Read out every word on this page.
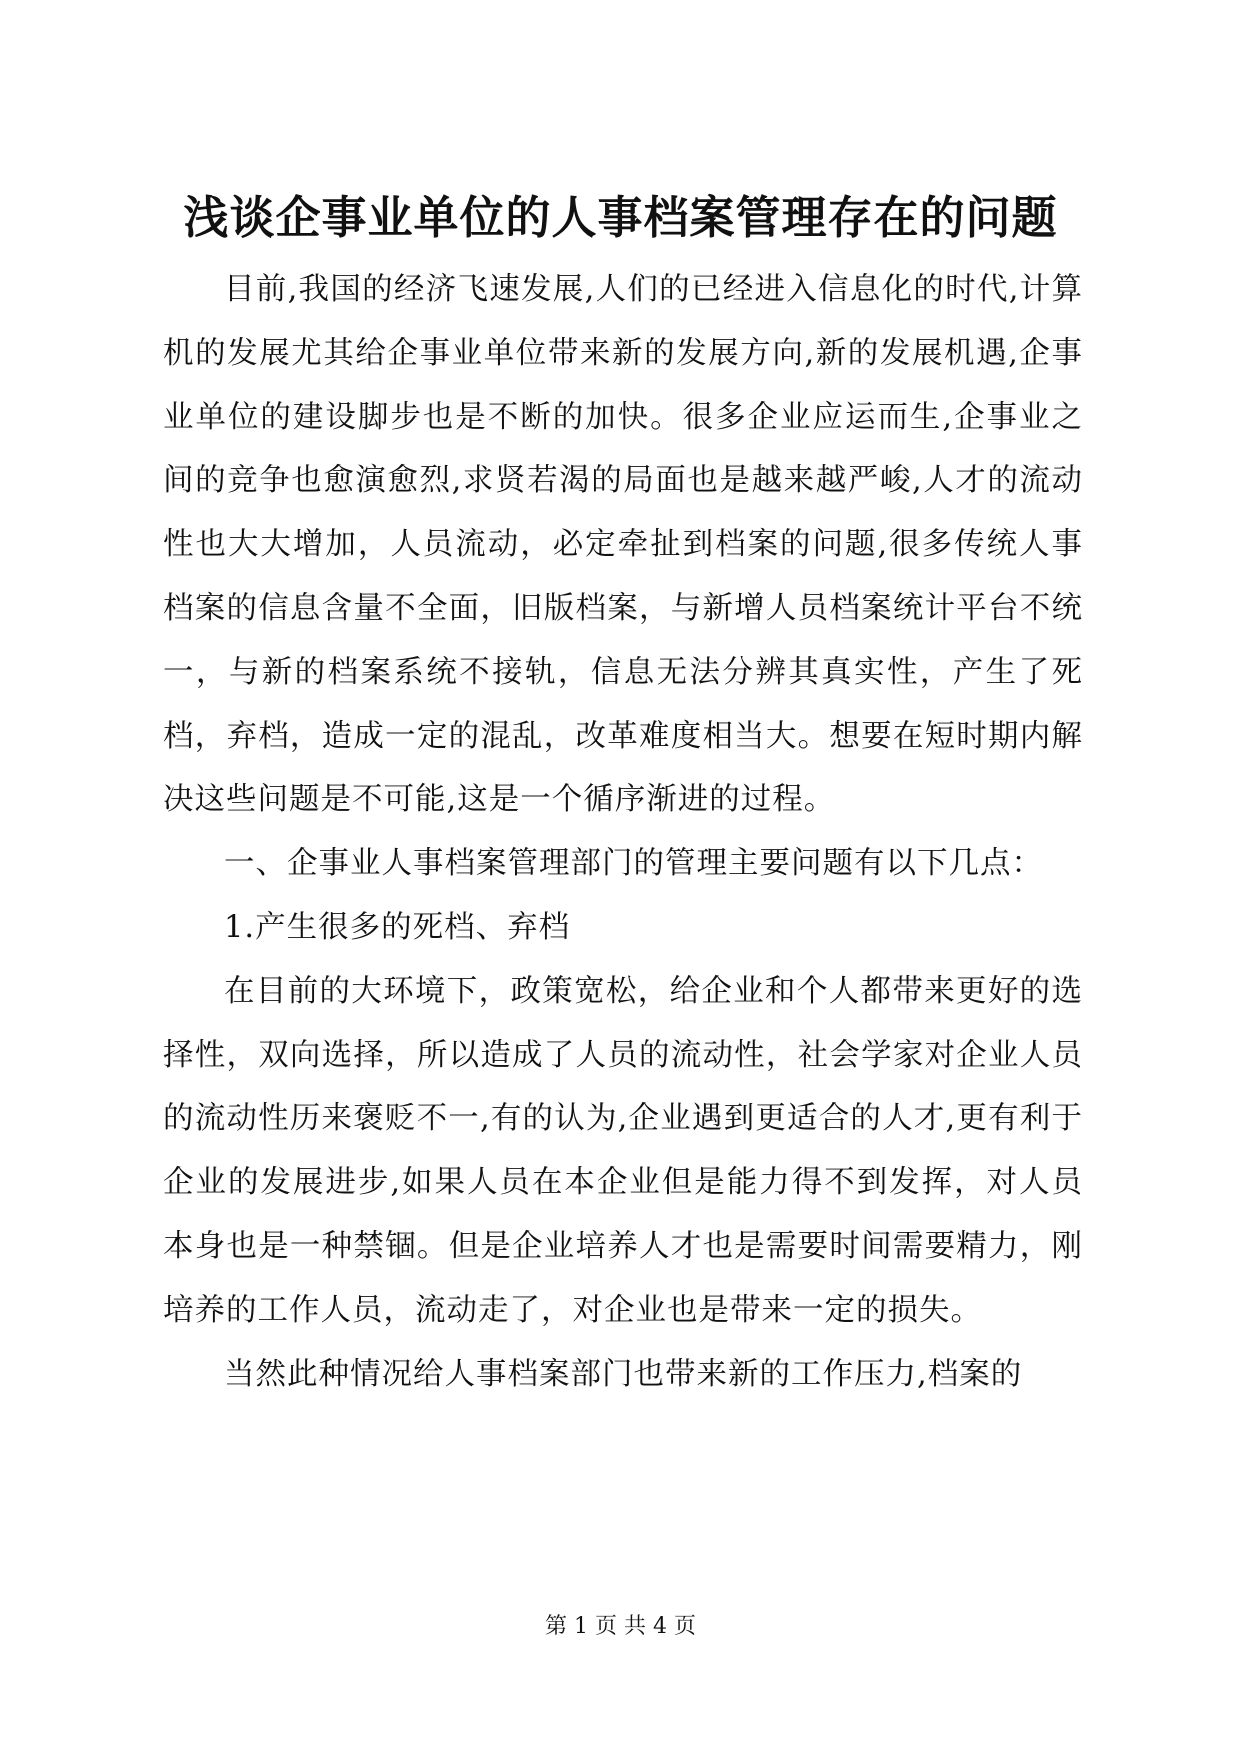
浅谈企事业单位的人事档案管理存在的问题

目前,我国的经济飞速发展,人们的已经进入信息化的时代,计算机的发展尤其给企事业单位带来新的发展方向,新的发展机遇,企事业单位的建设脚步也是不断的加快。很多企业应运而生,企事业之间的竞争也愈演愈烈,求贤若渴的局面也是越来越严峻,人才的流动性也大大增加，人员流动，必定牵扯到档案的问题,很多传统人事档案的信息含量不全面，旧版档案，与新增人员档案统计平台不统一，与新的档案系统不接轨，信息无法分辨其真实性，产生了死档，弃档，造成一定的混乱，改革难度相当大。想要在短时期内解决这些问题是不可能,这是一个循序渐进的过程。

一、企事业人事档案管理部门的管理主要问题有以下几点：

1.产生很多的死档、弃档

在目前的大环境下，政策宽松，给企业和个人都带来更好的选择性，双向选择，所以造成了人员的流动性，社会学家对企业人员的流动性历来褒贬不一,有的认为,企业遇到更适合的人才,更有利于企业的发展进步,如果人员在本企业但是能力得不到发挥，对人员本身也是一种禁锢。但是企业培养人才也是需要时间需要精力，刚培养的工作人员，流动走了，对企业也是带来一定的损失。

当然此种情况给人事档案部门也带来新的工作压力,档案的

第 1 页 共 4 页
